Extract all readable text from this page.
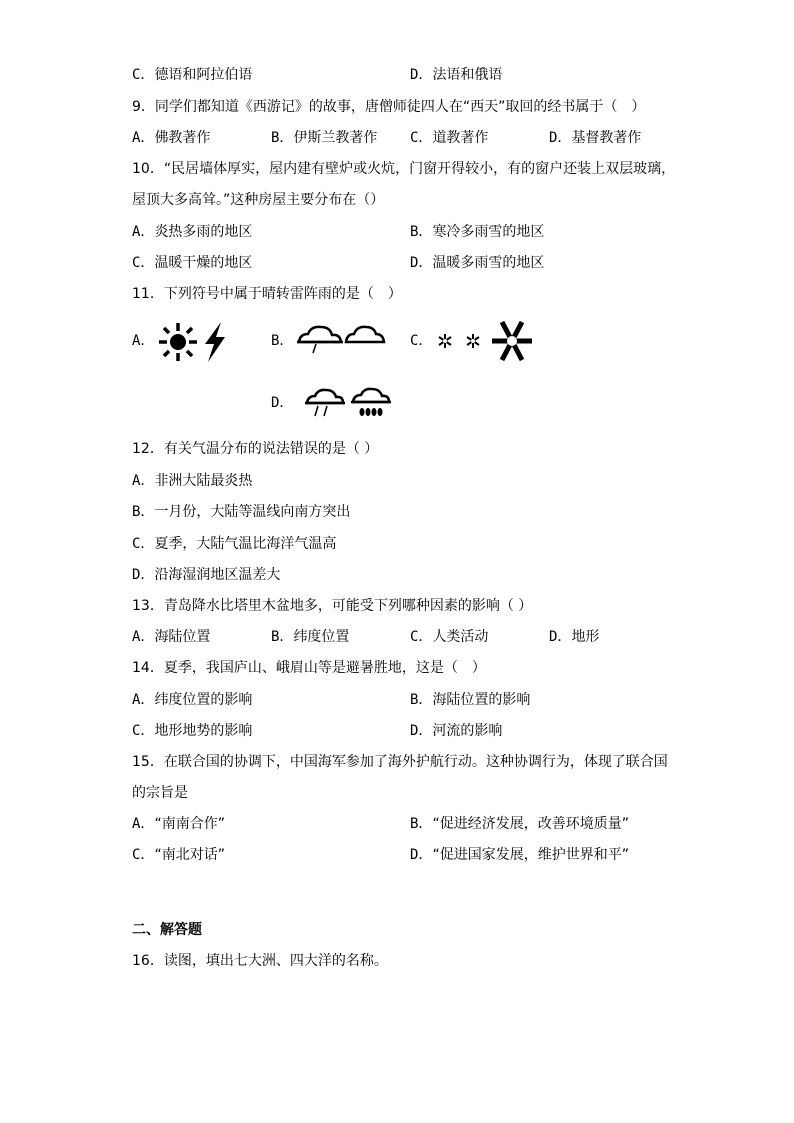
C．德语和阿拉伯语	D．法语和俄语
9．同学们都知道《西游记》的故事，唐僧师徒四人在“西天”取回的经书属于（　）
A．佛教著作	B．伊斯兰教著作 C．道教著作	D．基督教著作
10．“民居墙体厚实，屋内建有壁炉或火炕，门窗开得较小，有的窗户还装上双层玻璃，
屋顶大多高耸。”这种房屋主要分布在（）
A．炎热多雨的地区	B．寒冷多雨雪的地区
C．温暖干燥的地区	D．温暖多雨雪的地区
11．下列符号中属于晴转雷阵雨的是（　）
A．	B．	C．
D．
12．有关气温分布的说法错误的是（ ）
A．非洲大陆最炎热
B．一月份，大陆等温线向南方突出
C．夏季，大陆气温比海洋气温高
D．沿海湿润地区温差大
13．青岛降水比塔里木盆地多，可能受下列哪种因素的影响（ ）
A．海陆位置	B．纬度位置	C．人类活动	D．地形
14．夏季，我国庐山、峨眉山等是避暑胜地，这是（　）
A．纬度位置的影响	B．海陆位置的影响
C．地形地势的影响	D．河流的影响
15．在联合国的协调下，中国海军参加了海外护航行动。这种协调行为，体现了联合国
的宗旨是
A．“南南合作”	B．“促进经济发展，改善环境质量”
C．“南北对话”	D．“促进国家发展，维护世界和平”
二、解答题
16．读图，填出七大洲、四大洋的名称。
